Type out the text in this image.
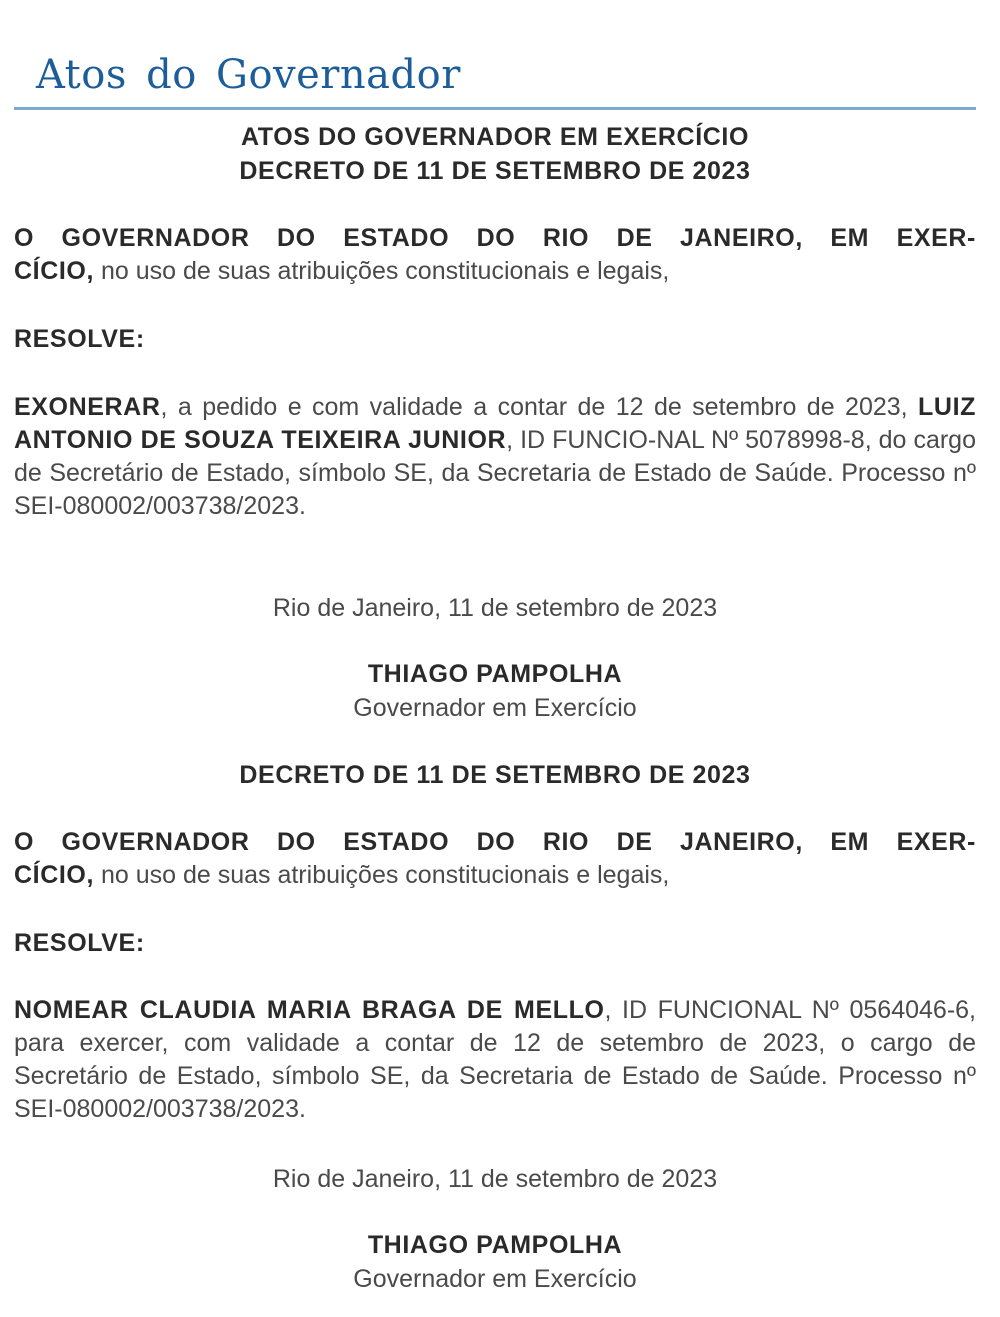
Atos do Governador
ATOS DO GOVERNADOR EM EXERCÍCIO
DECRETO DE 11 DE SETEMBRO DE 2023
O GOVERNADOR DO ESTADO DO RIO DE JANEIRO, EM EXER-
CÍCIO, no uso de suas atribuições constitucionais e legais,
RESOLVE:
EXONERAR, a pedido e com validade a contar de 12 de setembro de 2023, LUIZ ANTONIO DE SOUZA TEIXEIRA JUNIOR, ID FUNCIO-NAL Nº 5078998-8, do cargo de Secretário de Estado, símbolo SE, da Secretaria de Estado de Saúde. Processo nº SEI-080002/003738/2023.
Rio de Janeiro, 11 de setembro de 2023
THIAGO PAMPOLHA
Governador em Exercício
DECRETO DE 11 DE SETEMBRO DE 2023
O GOVERNADOR DO ESTADO DO RIO DE JANEIRO, EM EXER-
CÍCIO, no uso de suas atribuições constitucionais e legais,
RESOLVE:
NOMEAR CLAUDIA MARIA BRAGA DE MELLO, ID FUNCIONAL Nº 0564046-6, para exercer, com validade a contar de 12 de setembro de 2023, o cargo de Secretário de Estado, símbolo SE, da Secretaria de Estado de Saúde. Processo nº SEI-080002/003738/2023.
Rio de Janeiro, 11 de setembro de 2023
THIAGO PAMPOLHA
Governador em Exercício
